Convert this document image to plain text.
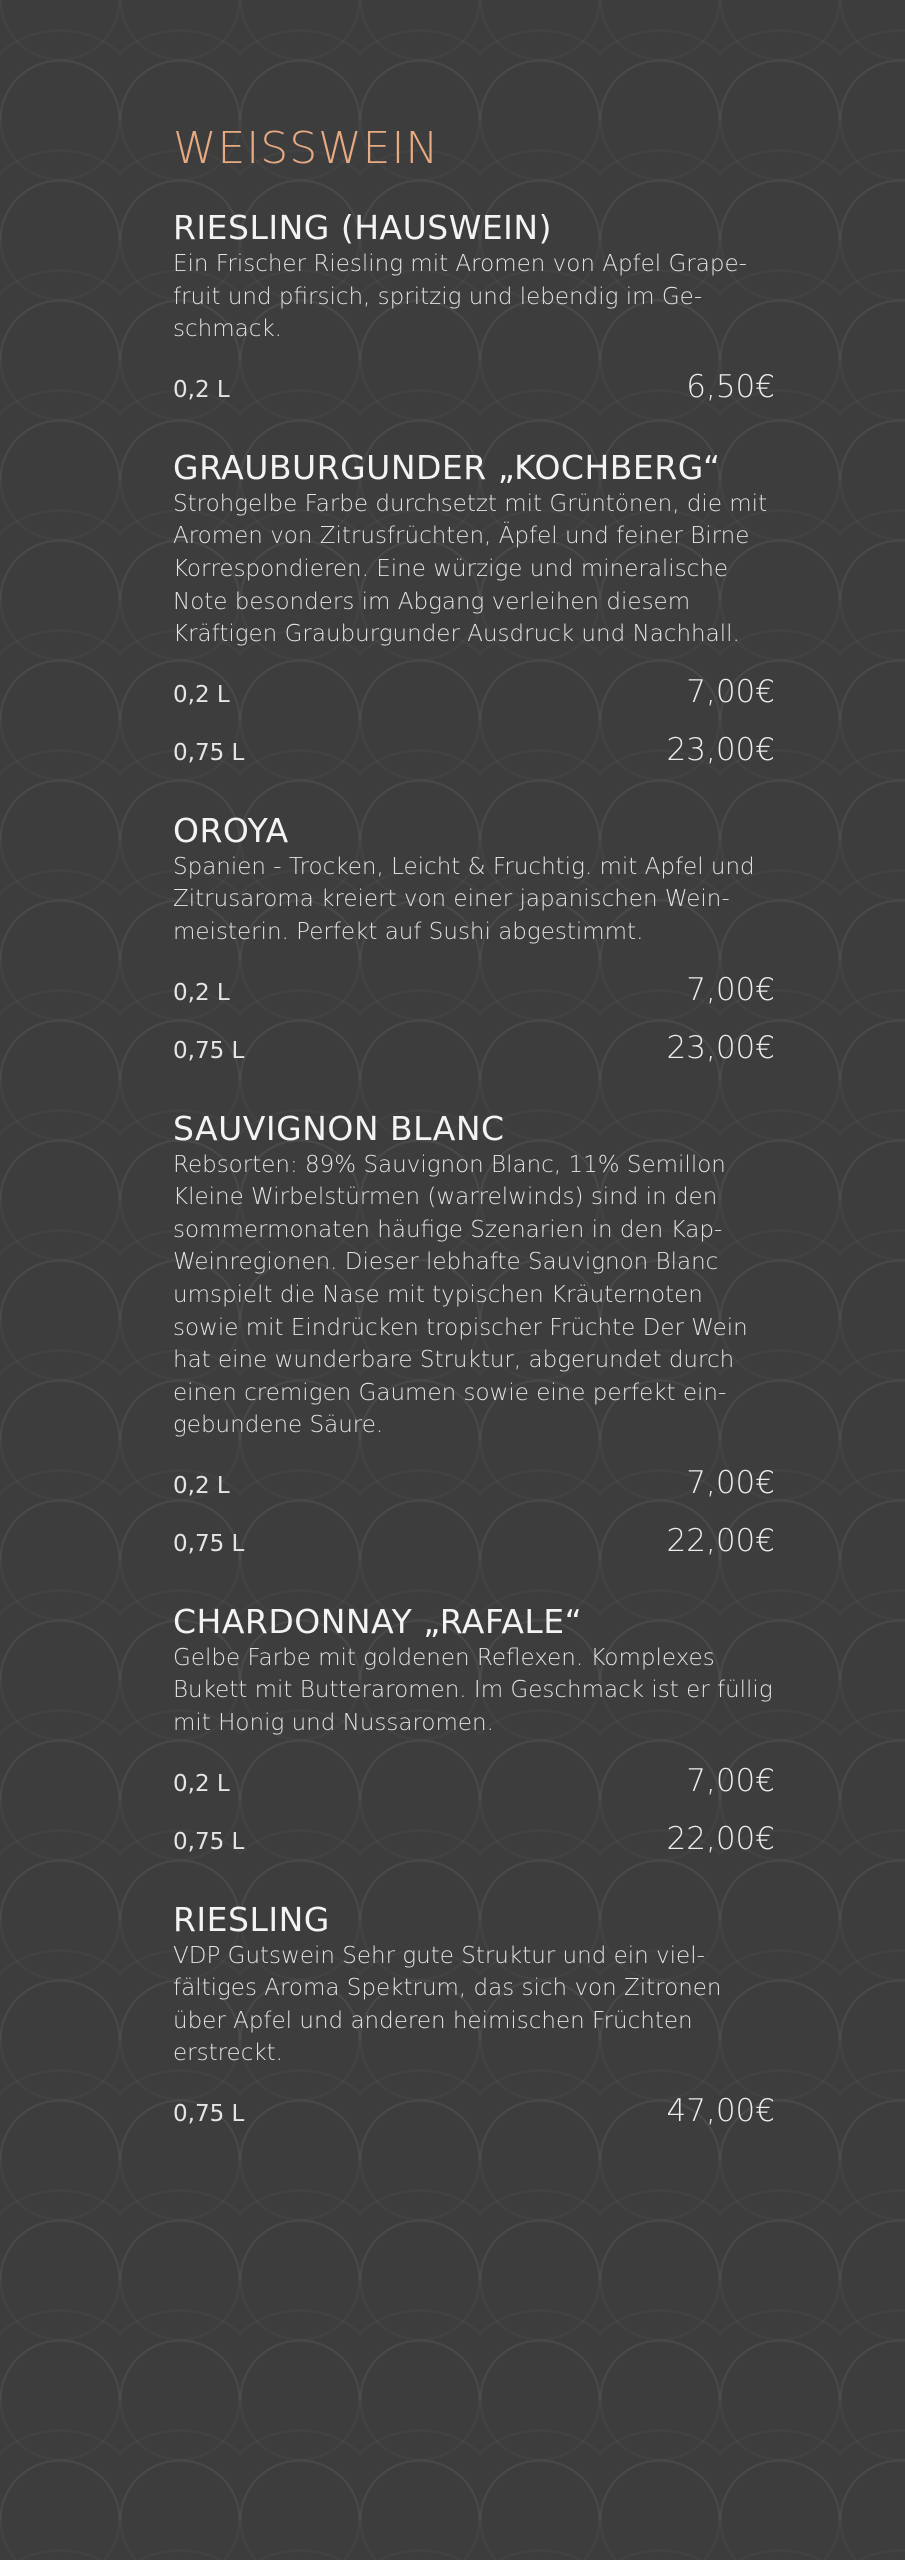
WEISSWEIN
RIESLING (HAUSWEIN)

Ein Frischer Riesling mit Aromen von Apfel Grape-fruit und pfirsich, spritzig und lebendig im Ge-schmack.

0,2 L	6,50€
GRAUBURGUNDER „KOCHBERG“

Strohgelbe Farbe durchsetzt mit Grüntönen, die mit Aromen von Zitrusfrüchten, Äpfel und feiner Birne Korrespondieren. Eine würzige und mineralische Note besonders im Abgang verleihen diesem Kräftigen Grauburgunder Ausdruck und Nachhall.

0,2 L	7,00€
0,75 L	23,00€
OROYA

Spanien - Trocken, Leicht & Fruchtig. mit Apfel und Zitrusaroma kreiert von einer japanischen Wein-meisterin. Perfekt auf Sushi abgestimmt.

0,2 L	7,00€
0,75 L	23,00€
SAUVIGNON BLANC

Rebsorten: 89% Sauvignon Blanc, 11% Semillon Kleine Wirbelstürmen (warrelwinds) sind in den sommermonaten häufige Szenarien in den Kap-Weinregionen. Dieser lebhafte Sauvignon Blanc umspielt die Nase mit typischen Kräuternoten sowie mit Eindrücken tropischer Früchte Der Wein hat eine wunderbare Struktur, abgerundet durch einen cremigen Gaumen sowie eine perfekt ein-gebundene Säure.

0,2 L	7,00€
0,75 L	22,00€
CHARDONNAY „RAFALE“

Gelbe Farbe mit goldenen Reflexen. Komplexes Bukett mit Butteraromen. Im Geschmack ist er füllig mit Honig und Nussaromen.

0,2 L	7,00€
0,75 L	22,00€
RIESLING

VDP Gutswein Sehr gute Struktur und ein viel-fältiges Aroma Spektrum, das sich von Zitronen über Apfel und anderen heimischen Früchten erstreckt.

0,75 L	47,00€
